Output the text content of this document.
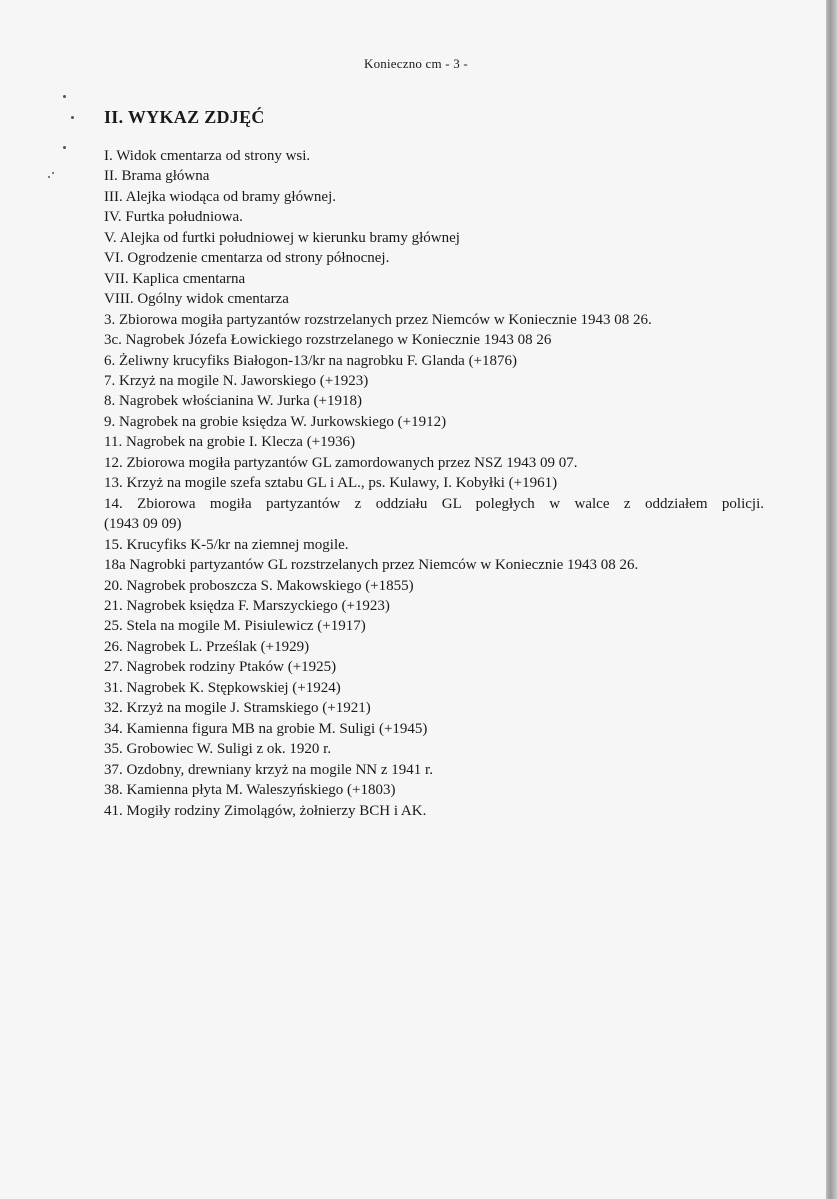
Konieczno cm - 3 -
II. WYKAZ ZDJĘĆ
I. Widok cmentarza od strony wsi.
II. Brama główna
III. Alejka wiodąca od bramy głównej.
IV. Furtka południowa.
V. Alejka od furtki południowej w kierunku bramy głównej
VI. Ogrodzenie cmentarza od strony północnej.
VII. Kaplica cmentarna
VIII. Ogólny widok cmentarza
3. Zbiorowa mogiła partyzantów rozstrzelanych przez Niemców w Koniecznie 1943 08 26.
3c. Nagrobek Józefa Łowickiego rozstrzelanego w Koniecznie 1943 08 26
6. Żeliwny krucyfiks Białogon-13/kr na nagrobku F. Glanda (+1876)
7. Krzyż na mogile N. Jaworskiego (+1923)
8. Nagrobek włościanina W. Jurka (+1918)
9. Nagrobek na grobie księdza W. Jurkowskiego (+1912)
11. Nagrobek na grobie I. Klecza (+1936)
12. Zbiorowa mogiła partyzantów GL zamordowanych przez NSZ 1943 09 07.
13. Krzyż na mogile szefa sztabu GL i AL., ps. Kulawy, I. Kobyłki (+1961)
14. Zbiorowa mogiła partyzantów z oddziału GL poległych w walce z oddziałem policji.
(1943 09 09)
15. Krucyfiks K-5/kr na ziemnej mogile.
18a Nagrobki partyzantów GL rozstrzelanych przez Niemców w Koniecznie 1943 08 26.
20. Nagrobek proboszcza S. Makowskiego (+1855)
21. Nagrobek księdza F. Marszyckiego (+1923)
25. Stela na mogile M. Pisiulewicz (+1917)
26. Nagrobek L. Prześlak (+1929)
27. Nagrobek rodziny Ptaków (+1925)
31. Nagrobek K. Stępkowskiej (+1924)
32. Krzyż na mogile J. Stramskiego (+1921)
34. Kamienna figura MB na grobie M. Suligi (+1945)
35. Grobowiec W. Suligi z ok. 1920 r.
37. Ozdobny, drewniany krzyż na mogile NN z 1941 r.
38. Kamienna płyta M. Waleszyńskiego (+1803)
41. Mogiły rodziny Zimolągów, żołnierzy BCH i AK.
